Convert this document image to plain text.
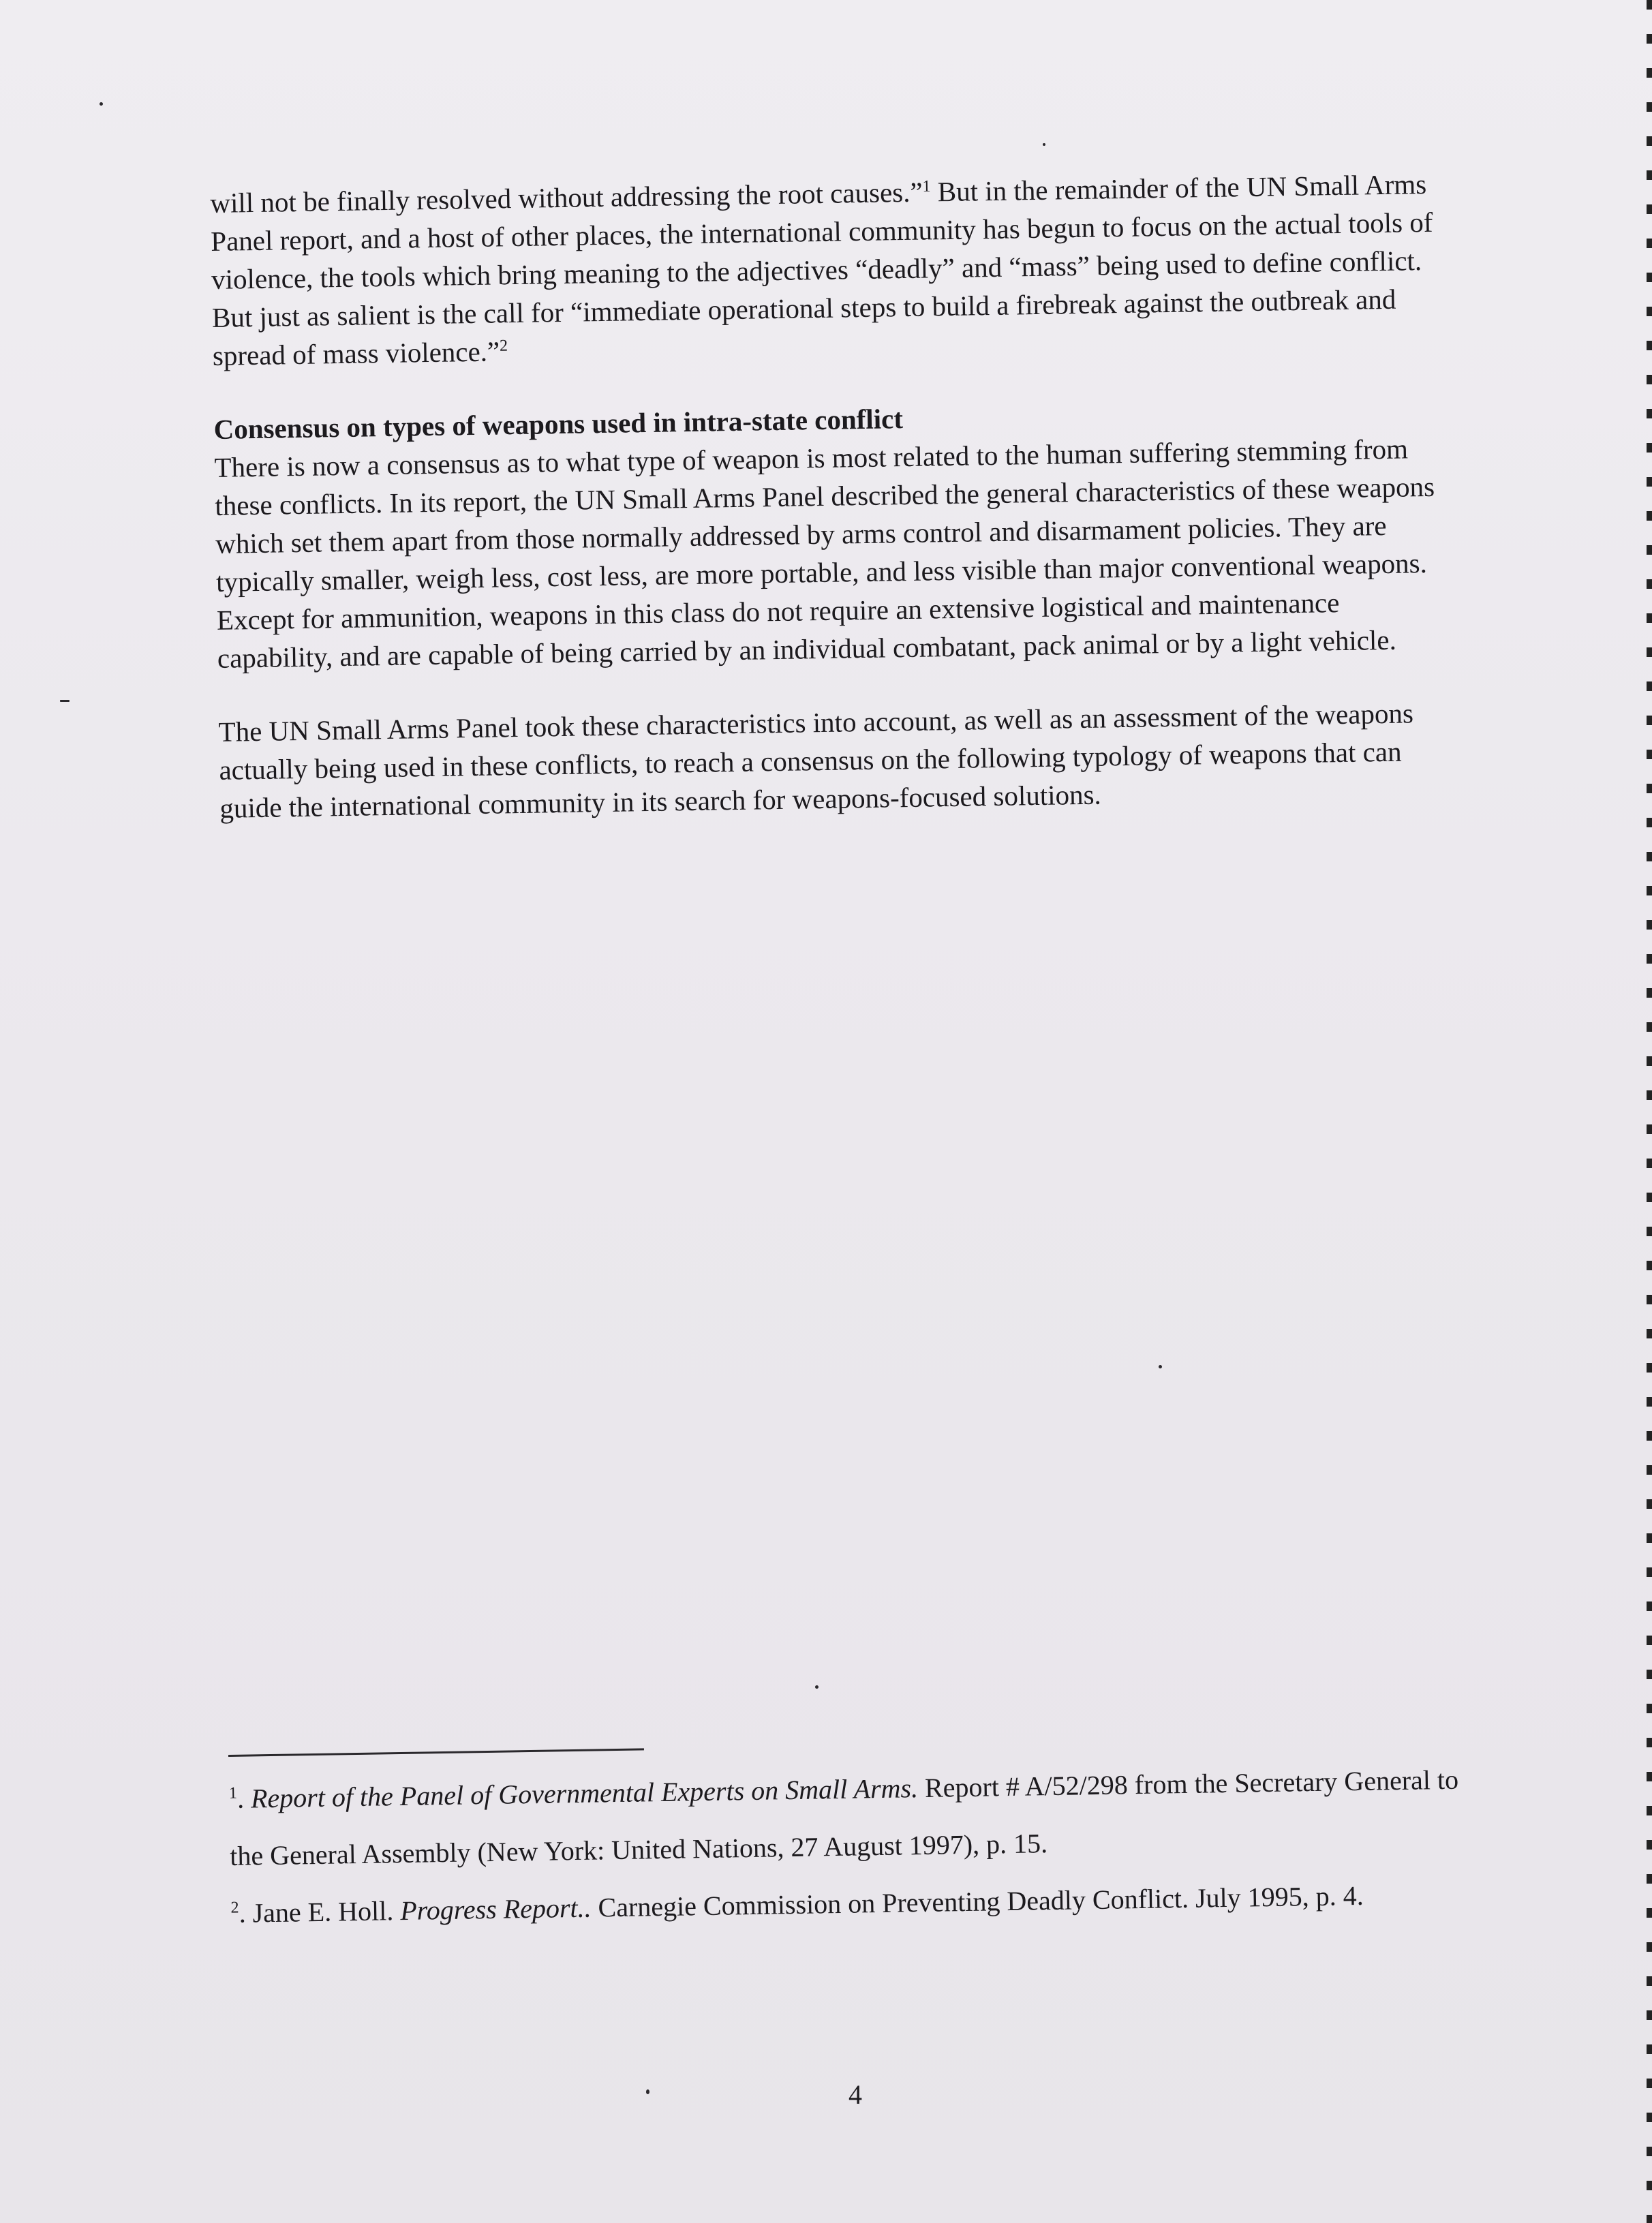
will not be finally resolved without addressing the root causes.”$^1$ But in the remainder of the UN Small Arms Panel report, and a host of other places, the international community has begun to focus on the actual tools of violence, the tools which bring meaning to the adjectives “deadly” and “mass” being used to define conflict. But just as salient is the call for “immediate operational steps to build a firebreak against the outbreak and spread of mass violence.”$^2$

Consensus on types of weapons used in intra-state conflict

There is now a consensus as to what type of weapon is most related to the human suffering stemming from these conflicts. In its report, the UN Small Arms Panel described the general characteristics of these weapons which set them apart from those normally addressed by arms control and disarmament policies. They are typically smaller, weigh less, cost less, are more portable, and less visible than major conventional weapons. Except for ammunition, weapons in this class do not require an extensive logistical and maintenance capability, and are capable of being carried by an individual combatant, pack animal or by a light vehicle.

The UN Small Arms Panel took these characteristics into account, as well as an assessment of the weapons actually being used in these conflicts, to reach a consensus on the following typology of weapons that can guide the international community in its search for weapons-focused solutions.

$^1$. Report of the Panel of Governmental Experts on Small Arms. Report # A/52/298 from the Secretary General to the General Assembly (New York: United Nations, 27 August 1997), p. 15.

$^2$. Jane E. Holl. Progress Report.. Carnegie Commission on Preventing Deadly Conflict. July 1995, p. 4.

4
